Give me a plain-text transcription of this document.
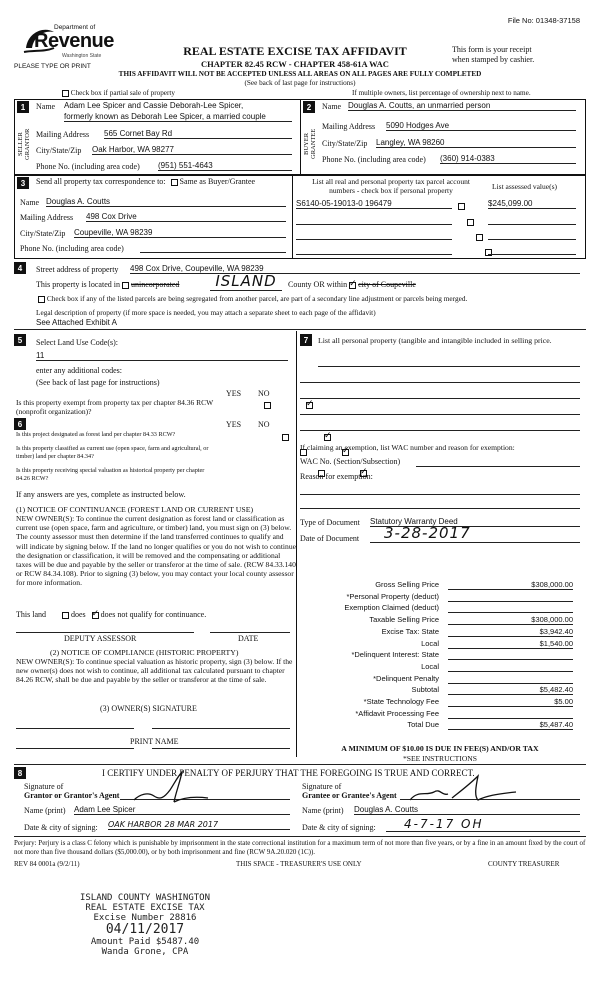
File No: 01348-37158
Department of
Revenue
Washington State
PLEASE TYPE OR PRINT
REAL ESTATE EXCISE TAX AFFIDAVIT
CHAPTER 82.45 RCW - CHAPTER 458-61A WAC
This form is your receipt
when stamped by cashier.
THIS AFFIDAVIT WILL NOT BE ACCEPTED UNLESS ALL AREAS ON ALL PAGES ARE FULLY COMPLETED
(See back of last page for instructions)
Check box if partial sale of property	If multiple owners, list percentage of ownership next to name.
1
SELLER GRANTOR
Name Adam Lee Spicer and Cassie Deborah-Lee Spicer,
formerly known as Deborah Lee Spicer, a married couple
Mailing Address 565 Cornet Bay Rd
City/State/Zip Oak Harbor, WA 98277
Phone No. (including area code) (951) 551-4643
2
BUYER GRANTEE
Name Douglas A. Coutts, an unmarried person
Mailing Address 5090 Hodges Ave
City/State/Zip Langley, WA 98260
Phone No. (including area code) (360) 914-0383
3	Send all property tax correspondence to: Same as Buyer/Grantee
Name Douglas A. Coutts
Mailing Address 498 Cox Drive
City/State/Zip Coupeville, WA 98239
Phone No. (including area code)
List all real and personal property tax parcel account
numbers - check box if personal property	List assessed value(s)
S6140-05-19013-0 196479
	$245,099.00

4	Street address of property 498 Cox Drive, Coupeville, WA 98239
This property is located in unincorporated	ISLAND	County OR within ✓ city of Coupeville
Check box if any of the listed parcels are being segregated from another parcel, are part of a secondary line adjustment or parcels being merged.
Legal description of property (if more space is needed, you may attach a separate sheet to each page of the affidavit)
See Attached Exhibit A
5	Select Land Use Code(s):
11
enter any additional codes:
(See back of last page for instructions)
YES NO
Is this property exempt from property tax per chapter 84.36 RCW (nonprofit organization)?
✓
6	YES NO
Is this project designated as forest land per chapter 84.33 RCW?
✓
Is this property classified as current use (open space, farm and agricultural, or timber) land per chapter 84.34?
✓
Is this property receiving special valuation as historical property per chapter 84.26 RCW?
✓
If any answers are yes, complete as instructed below.
(1) NOTICE OF CONTINUANCE (FOREST LAND OR CURRENT USE)
NEW OWNER(S): To continue the current designation as forest land or classification as current use (open space, farm and agriculture, or timber) land, you must sign on (3) below. The county assessor must then determine if the land transferred continues to qualify and will indicate by signing below. If the land no longer qualifies or you do not wish to continue the designation or classification, it will be removed and the compensating or additional taxes will be due and payable by the seller or transferor at the time of sale. (RCW 84.33.140 or RCW 84.34.108). Prior to signing (3) below, you may contact your local county assessor for more information.
This land	does ✓ does not qualify for continuance.
DEPUTY ASSESSOR	DATE
(2) NOTICE OF COMPLIANCE (HISTORIC PROPERTY)
NEW OWNER(S): To continue special valuation as historic property, sign (3) below. If the new owner(s) does not wish to continue, all additional tax calculated pursuant to chapter 84.26 RCW, shall be due and payable by the seller or transferor at the time of sale.
(3) OWNER(S) SIGNATURE
PRINT NAME
7	List all personal property (tangible and intangible included in selling price.
If claiming an exemption, list WAC number and reason for exemption:
WAC No. (Section/Subsection)
Reason for exemption:
Type of Document Statutory Warranty Deed
Date of Document	3-28-2017
Gross Selling Price	$308,000.00
*Personal Property (deduct)

Exemption Claimed (deduct)

Taxable Selling Price	$308,000.00
Excise Tax: State	$3,942.40
Local	$1,540.00
*Delinquent Interest: State

Local

*Delinquent Penalty

Subtotal	$5,482.40
*State Technology Fee	$5.00
*Affidavit Processing Fee

Total Due	$5,487.40
A MINIMUM OF $10.00 IS DUE IN FEE(S) AND/OR TAX
*SEE INSTRUCTIONS
8	I CERTIFY UNDER PENALTY OF PERJURY THAT THE FOREGOING IS TRUE AND CORRECT.
Signature of
Grantor or Grantor's Agent
Name (print) Adam Lee Spicer
Date & city of signing: OAK HARBOR 28 MAR 2017
Signature of
Grantee or Grantee's Agent
Name (print) Douglas A. Coutts
Date & city of signing:	4-7-17 OH
Perjury: Perjury is a class C felony which is punishable by imprisonment in the state correctional institution for a maximum term of not more than five years, or by a fine in an amount fixed by the court of not more than five thousand dollars ($5,000.00), or by both imprisonment and fine (RCW 9A.20.020 (1C)).
REV 84 0001a (9/2/11)	THIS SPACE - TREASURER'S USE ONLY	COUNTY TREASURER
ISLAND COUNTY WASHINGTON
REAL ESTATE EXCISE TAX
Excise Number 28816
04/11/2017
Amount Paid $5487.40
Wanda Grone, CPA
